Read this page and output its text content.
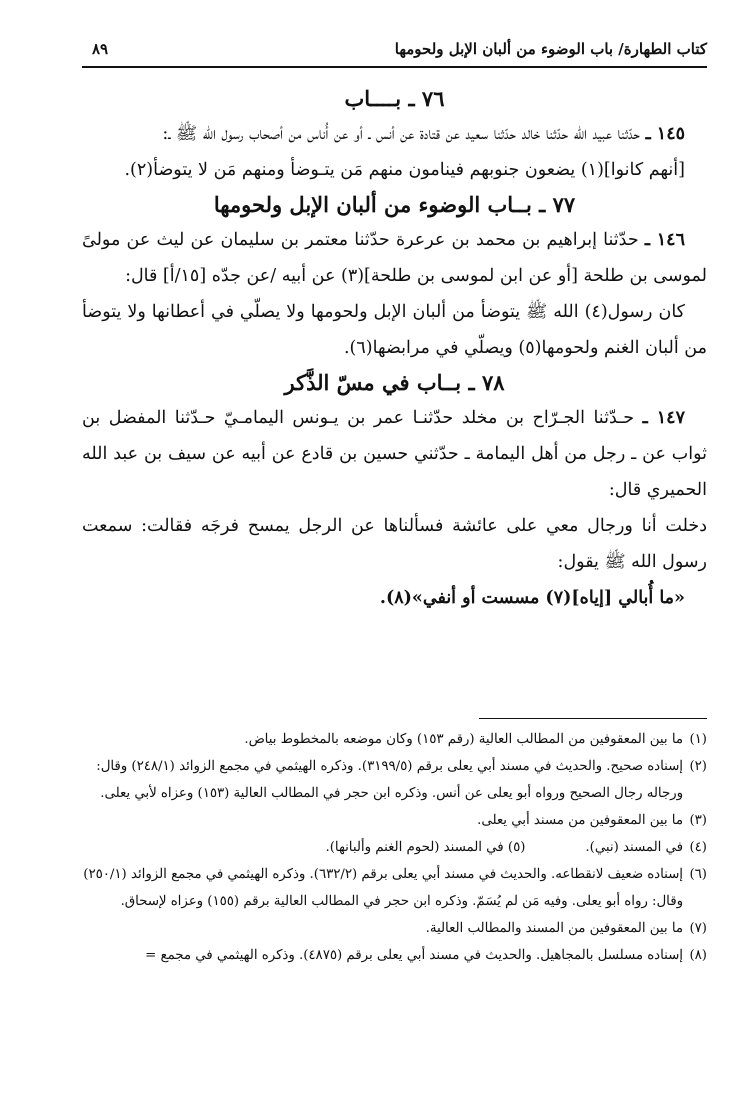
كتاب الطهارة/ باب الوضوء من ألبان الإبل ولحومها
٨٩

٧٦ ـ بــــاب

١٤٥ ـ حدّثنا عبيد الله حدّثنا خالد حدّثنا سعيد عن قتادة عن أنس ـ أو عن أُناس من أصحاب رسول الله ﷺ ـ:

[أنهم كانوا](١) يضعون جنوبهم فينامون منهم مَن يتـوضأ ومنهم مَن لا يتوضأ(٢).

٧٧ ـ بــاب الوضوء من ألبان الإبل ولحومها

١٤٦ ـ حدّثنا إبراهيم بن محمد بن عرعرة حدّثنا معتمر بن سليمان عن ليث عن مولىً لموسى بن طلحة [أو عن ابن لموسى بن طلحة](٣) عن أبيه /عن جدّه [١٥/أ] قال:

كان رسول(٤) الله ﷺ يتوضأ من ألبان الإبل ولحومها ولا يصلّي في أعطانها ولا يتوضأ من ألبان الغنم ولحومها(٥) ويصلّي في مرابضها(٦).

٧٨ ـ بــاب في مسّ الذَّكر

١٤٧ ـ حـدّثنا الجـرّاح بن مخلد حدّثنـا عمر بن يـونس اليمامـيّ حـدّثنا المفضل بن ثواب عن ـ رجل من أهل اليمامة ـ حدّثني حسين بن قادع عن أبيه عن سيف بن عبد الله الحميري قال:

دخلت أنا ورجال معي على عائشة فسألناها عن الرجل يمسح فرجَه فقالت: سمعت رسول الله ﷺ يقول:

«ما أُبالي [إياه](٧) مسست أو أنفي»(٨).

(١)ما بين المعقوفين من المطالب العالية (رقم ١٥٣) وكان موضعه بالمخطوط بياض.

(٢)إسناده صحيح. والحديث في مسند أبي يعلى برقم (٣١٩٩/٥). وذكره الهيثمي في مجمع الزوائد (٢٤٨/١) وقال: ورجاله رجال الصحيح ورواه أبو يعلى عن أنس. وذكره ابن حجر في المطالب العالية (١٥٣) وعزاه لأبي يعلى.

(٣)ما بين المعقوفين من مسند أبي يعلى.

(٤)في المسند (نبي).(٥) في المسند (لحوم الغنم وألبانها).

(٦)إسناده ضعيف لانقطاعه. والحديث في مسند أبي يعلى برقم (٦٣٢/٢). وذكره الهيثمي في مجمع الزوائد (٢٥٠/١) وقال: رواه أبو يعلى. وفيه مَن لم يُسَمّ. وذكره ابن حجر في المطالب العالية برقم (١٥٥) وعزاه لإسحاق.

(٧)ما بين المعقوفين من المسند والمطالب العالية.

(٨)إسناده مسلسل بالمجاهيل. والحديث في مسند أبي يعلى برقم (٤٨٧٥). وذكره الهيثمي في مجمع =
